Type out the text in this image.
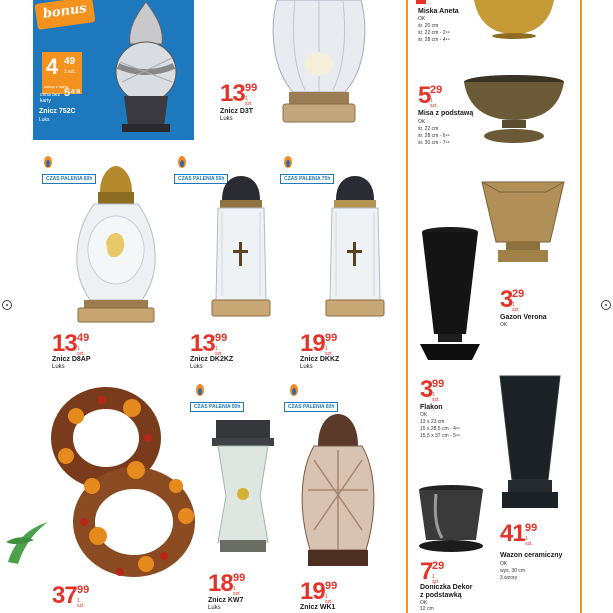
bonus
4 49
1 szt.
zakup z kartą
cena bez karty
5⁴⁹
Znicz 752C
Luks
13 99
1 szt.
Znicz D3T
Luks
CZAS PALENIA 60h
13 49
1 szt.
Znicz D8AP
Luks
CZAS PALENIA 55h
13 99
1 szt.
Znicz DK2KZ
Luks
CZAS PALENIA 75h
19 99
1 szt.
Znicz DKKZ
Luks
37 99
1 szt.
CZAS PALENIA 50h
18 99
1 szt.
Znicz KW7
Luks
CZAS PALENIA 60h
19 99
1 szt.
Znicz WK1
Miska Aneta
OK
śr. 20 cm
śr. 22 cm - 2⁹⁹
śr. 28 cm - 4⁹⁹
5 29
1 szt.
Misa z podstawą
OK
śr. 22 cm
śr. 28 cm - 6⁹⁹
śr. 30 cm - 7⁹⁹
3 29
1 szt.
Gazon Verona
OK
3 99
1 szt.
Flakon
OK
13 x 23 cm
15 x 28,5 cm - 4⁹⁹
15,5 x 37 cm - 5⁹⁹
41 99
1 szt.
Wazon ceramiczny
OK
wys. 30 cm
3 wzory
7 29
1 szt.
Doniczka Dekor
z podstawką
OK
12 cm
